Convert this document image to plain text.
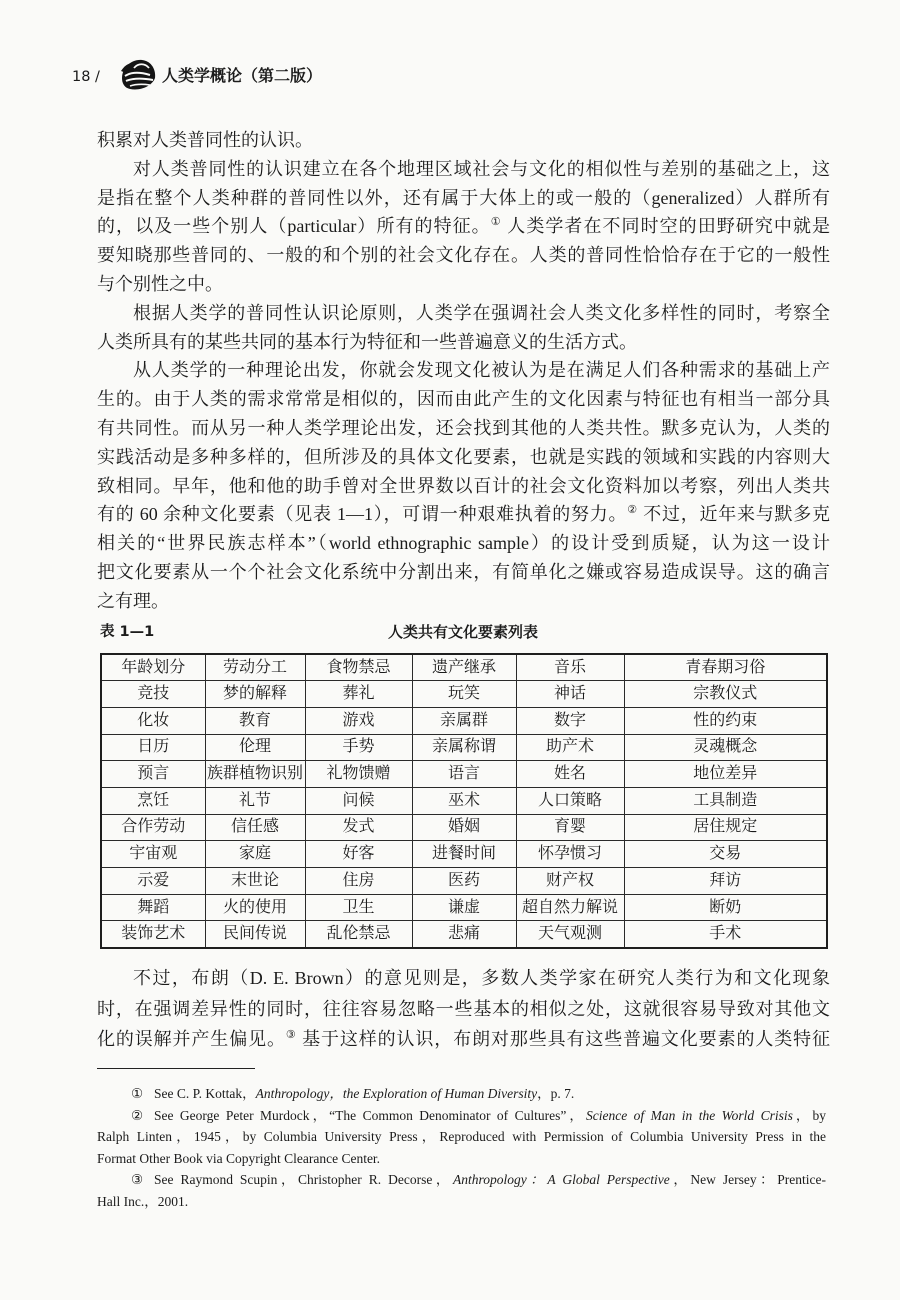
18 /	人类学概论（第二版）
积累对人类普同性的认识。
对人类普同性的认识建立在各个地理区域社会与文化的相似性与差别的基础之上，这
是指在整个人类种群的普同性以外，还有属于大体上的或一般的（generalized）人群所有
的，以及一些个别人（particular）所有的特征。① 人类学者在不同时空的田野研究中就是
要知晓那些普同的、一般的和个别的社会文化存在。人类的普同性恰恰存在于它的一般性
与个别性之中。
根据人类学的普同性认识论原则，人类学在强调社会人类文化多样性的同时，考察全
人类所具有的某些共同的基本行为特征和一些普遍意义的生活方式。
从人类学的一种理论出发，你就会发现文化被认为是在满足人们各种需求的基础上产
生的。由于人类的需求常常是相似的，因而由此产生的文化因素与特征也有相当一部分具
有共同性。而从另一种人类学理论出发，还会找到其他的人类共性。默多克认为，人类的
实践活动是多种多样的，但所涉及的具体文化要素，也就是实践的领域和实践的内容则大
致相同。早年，他和他的助手曾对全世界数以百计的社会文化资料加以考察，列出人类共
有的 60 余种文化要素（见表 1—1），可谓一种艰难执着的努力。② 不过，近年来与默多克
相关的“世界民族志样本”（world ethnographic sample）的设计受到质疑，认为这一设计
把文化要素从一个个社会文化系统中分割出来，有简单化之嫌或容易造成误导。这的确言
之有理。
表 1—1	人类共有文化要素列表
年龄划分	劳动分工	食物禁忌	遗产继承	音乐	青春期习俗
竞技	梦的解释	葬礼	玩笑	神话	宗教仪式
化妆	教育	游戏	亲属群	数字	性的约束
日历	伦理	手势	亲属称谓	助产术	灵魂概念
预言	族群植物识别	礼物馈赠	语言	姓名	地位差异
烹饪	礼节	问候	巫术	人口策略	工具制造
合作劳动	信任感	发式	婚姻	育婴	居住规定
宇宙观	家庭	好客	进餐时间	怀孕惯习	交易
示爱	末世论	住房	医药	财产权	拜访
舞蹈	火的使用	卫生	谦虚	超自然力解说	断奶
装饰艺术	民间传说	乱伦禁忌	悲痛	天气观测	手术
不过，布朗（D. E. Brown）的意见则是，多数人类学家在研究人类行为和文化现象
时，在强调差异性的同时，往往容易忽略一些基本的相似之处，这就很容易导致对其他文
化的误解并产生偏见。③ 基于这样的认识，布朗对那些具有这些普遍文化要素的人类特征
① See C. P. Kottak，Anthropology，the Exploration of Human Diversity，p. 7.
② See George Peter Murdock，“The Common Denominator of Cultures”，Science of Man in the World Crisis，by
Ralph Linten，1945，by Columbia University Press，Reproduced with Permission of Columbia University Press in the
Format Other Book via Copyright Clearance Center.
③ See Raymond Scupin，Christopher R. Decorse，Anthropology：A Global Perspective，New Jersey：Prentice-
Hall Inc.，2001.
